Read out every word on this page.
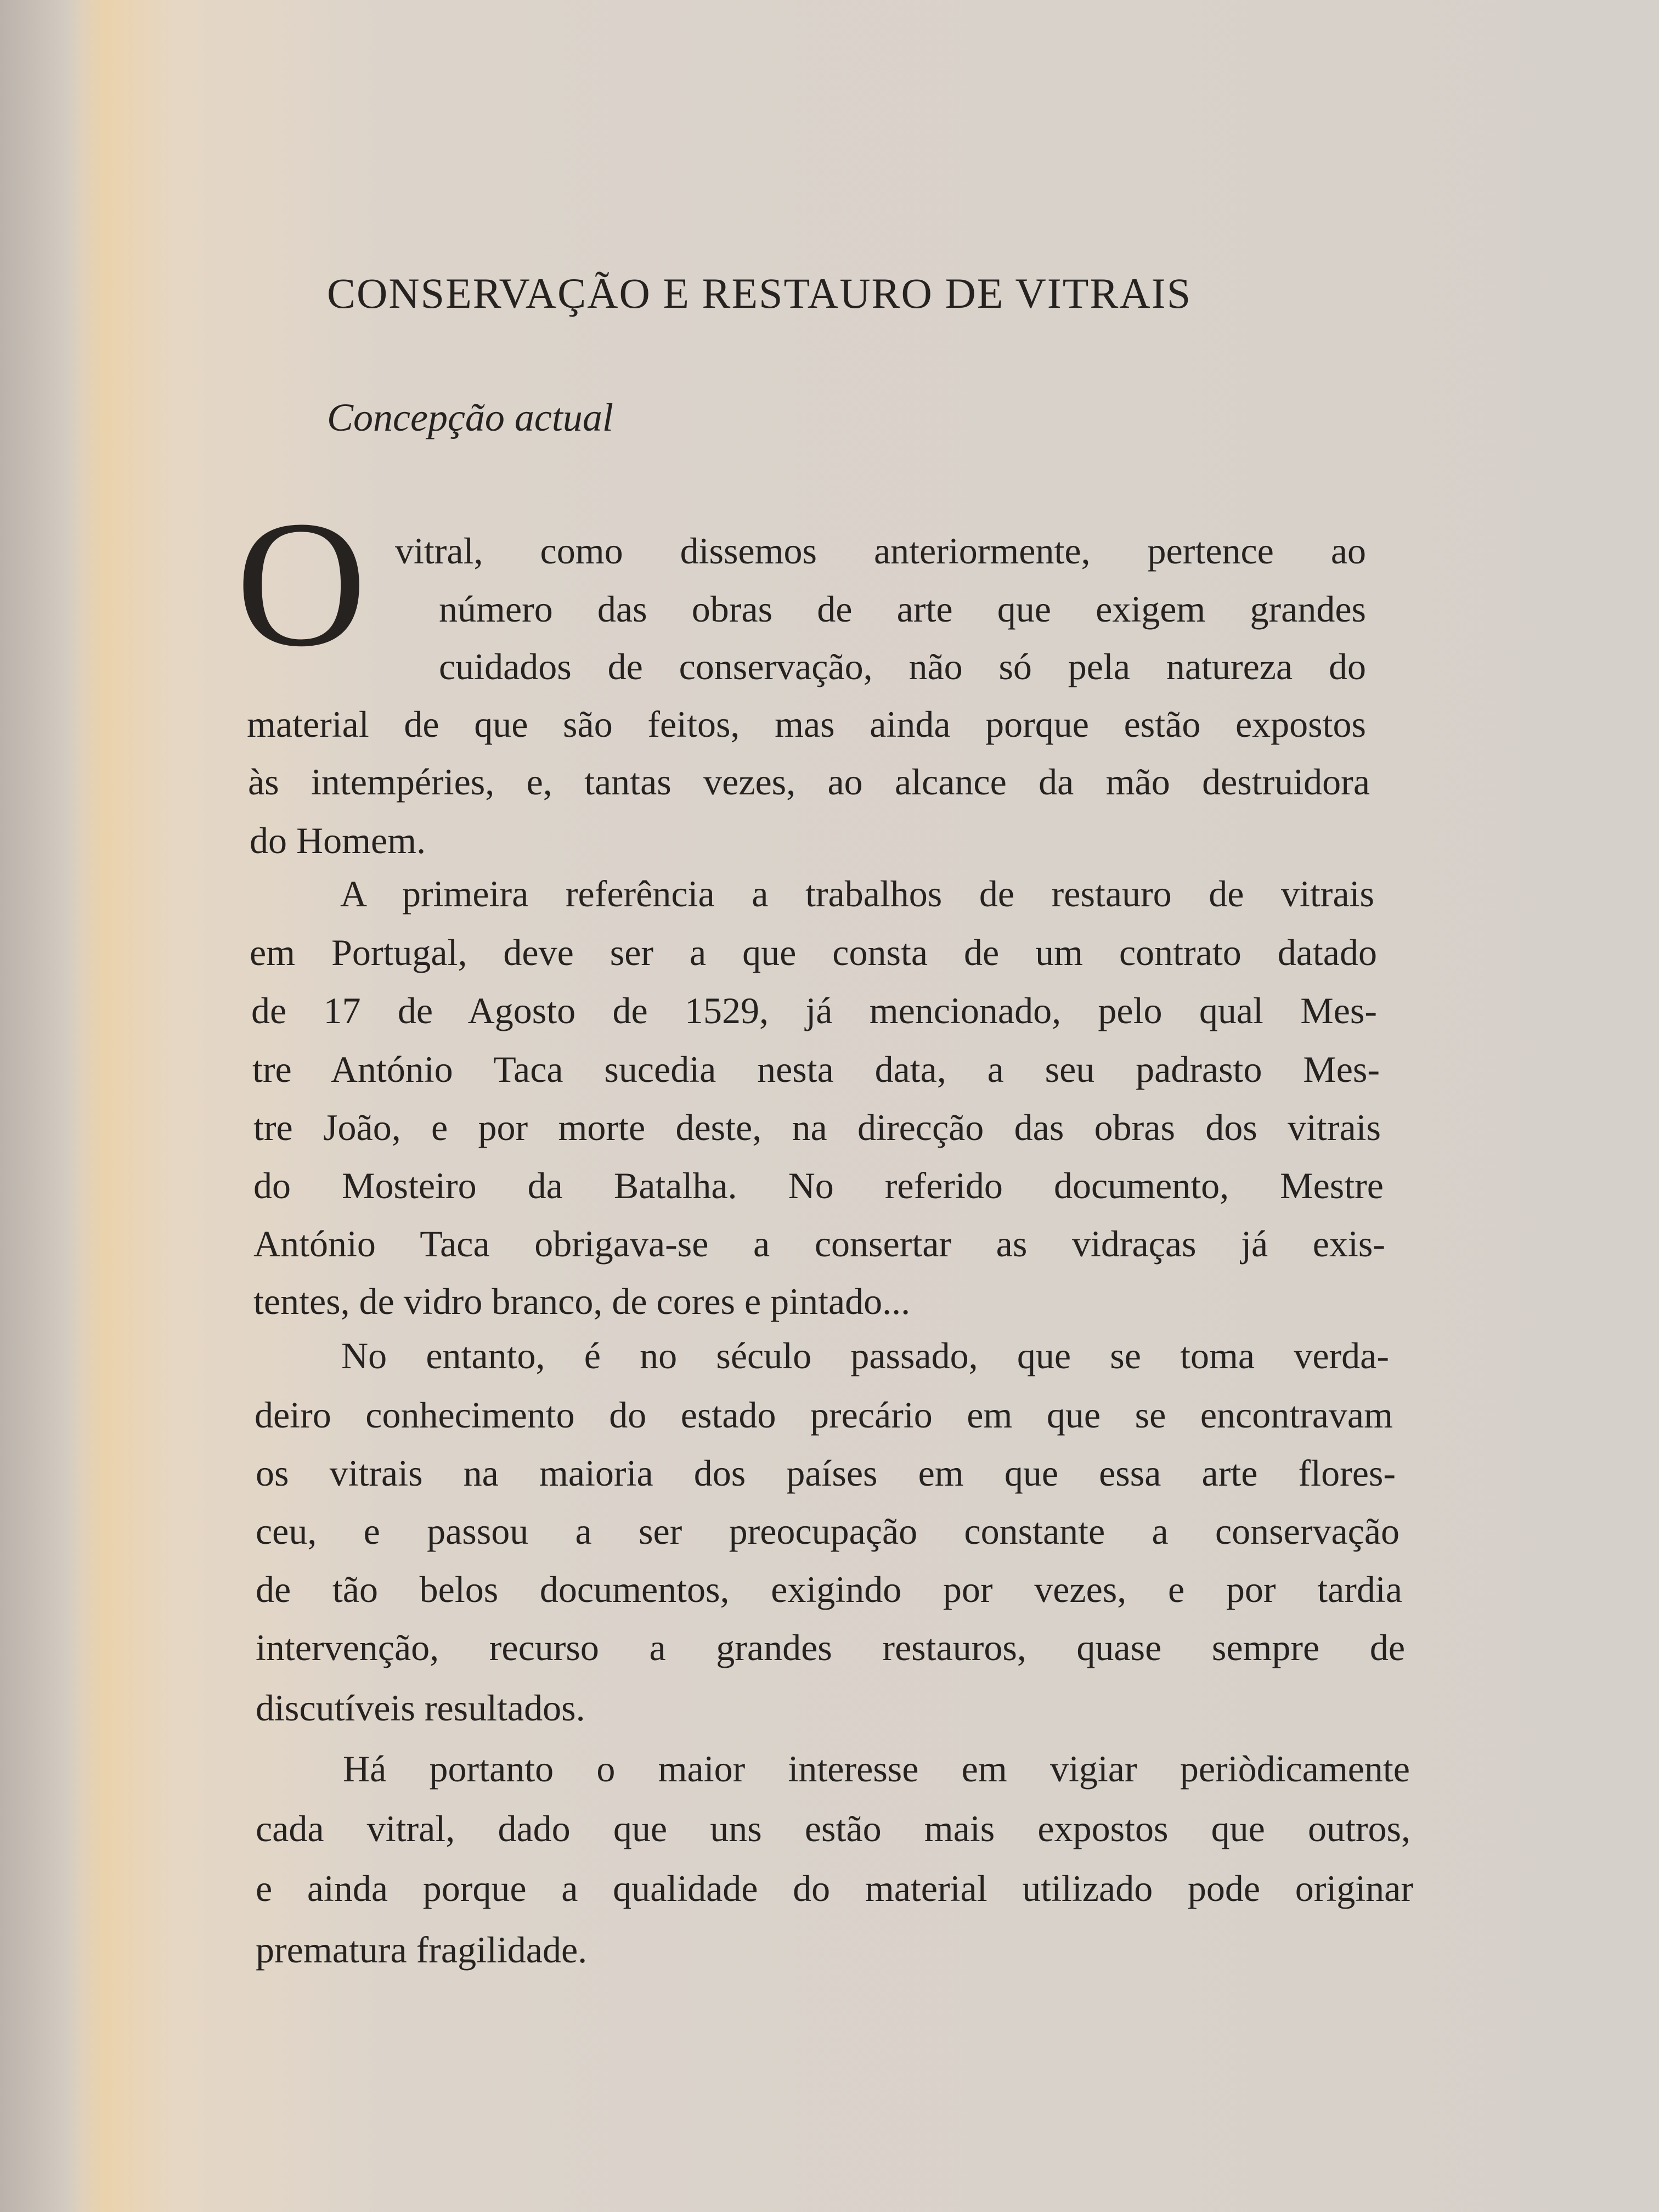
CONSERVAÇÃO E RESTAURO DE VITRAIS
Concepção actual
O vitral, como dissemos anteriormente, pertence ao
número das obras de arte que exigem grandes
cuidados de conservação, não só pela natureza do
material de que são feitos, mas ainda porque estão expostos
às intempéries, e, tantas vezes, ao alcance da mão destruidora
do Homem.
A primeira referência a trabalhos de restauro de vitrais
em Portugal, deve ser a que consta de um contrato datado
de 17 de Agosto de 1529, já mencionado, pelo qual Mes-
tre António Taca sucedia nesta data, a seu padrasto Mes-
tre João, e por morte deste, na direcção das obras dos vitrais
do Mosteiro da Batalha. No referido documento, Mestre
António Taca obrigava-se a consertar as vidraças já exis-
tentes, de vidro branco, de cores e pintado...
No entanto, é no século passado, que se toma verda-
deiro conhecimento do estado precário em que se encontravam
os vitrais na maioria dos países em que essa arte flores-
ceu, e passou a ser preocupação constante a conservação
de tão belos documentos, exigindo por vezes, e por tardia
intervenção, recurso a grandes restauros, quase sempre de
discutíveis resultados.
Há portanto o maior interesse em vigiar periòdicamente
cada vitral, dado que uns estão mais expostos que outros,
e ainda porque a qualidade do material utilizado pode originar
prematura fragilidade.
